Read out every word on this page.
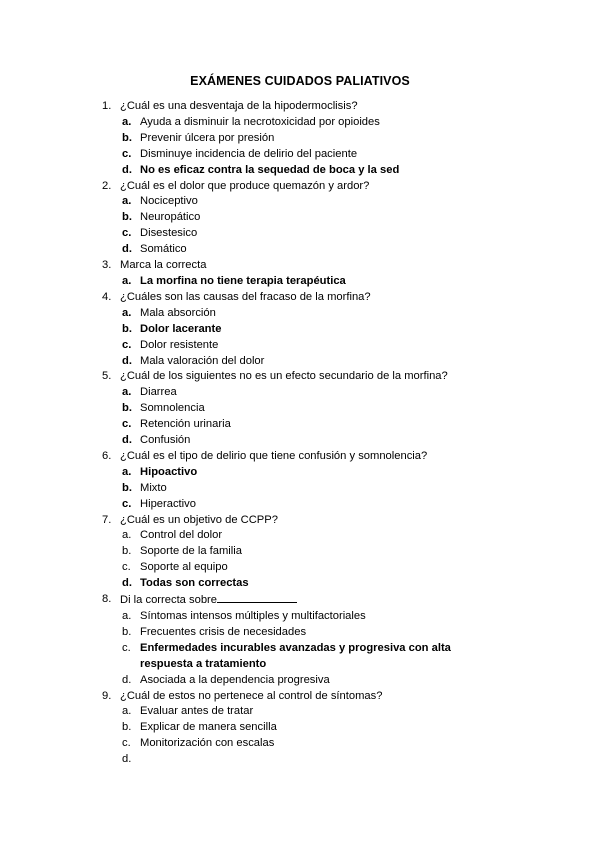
EXÁMENES CUIDADOS PALIATIVOS
1. ¿Cuál es una desventaja de la hipodermoclisis?
a. Ayuda a disminuir la necrotoxicidad por opioides
b. Prevenir úlcera por presión
c. Disminuye incidencia de delirio del paciente
d. No es eficaz contra la sequedad de boca y la sed
2. ¿Cuál es el dolor que produce quemazón y ardor?
a. Nociceptivo
b. Neuropático
c. Disestesico
d. Somático
3. Marca la correcta
a. La morfina no tiene terapia terapéutica
4. ¿Cuáles son las causas del fracaso de la morfina?
a. Mala absorción
b. Dolor lacerante
c. Dolor resistente
d. Mala valoración del dolor
5. ¿Cuál de los siguientes no es un efecto secundario de la morfina?
a. Diarrea
b. Somnolencia
c. Retención urinaria
d. Confusión
6. ¿Cuál es el tipo de delirio que tiene confusión y somnolencia?
a. Hipoactivo
b. Mixto
c. Hiperactivo
7. ¿Cuál es un objetivo de CCPP?
a. Control del dolor
b. Soporte de la familia
c. Soporte al equipo
d. Todas son correctas
8. Di la correcta sobre
a. Síntomas intensos múltiples y multifactoriales
b. Frecuentes crisis de necesidades
c. Enfermedades incurables avanzadas y progresiva con alta respuesta a tratamiento
d. Asociada a la dependencia progresiva
9. ¿Cuál de estos no pertenece al control de síntomas?
a. Evaluar antes de tratar
b. Explicar de manera sencilla
c. Monitorización con escalas
d.
